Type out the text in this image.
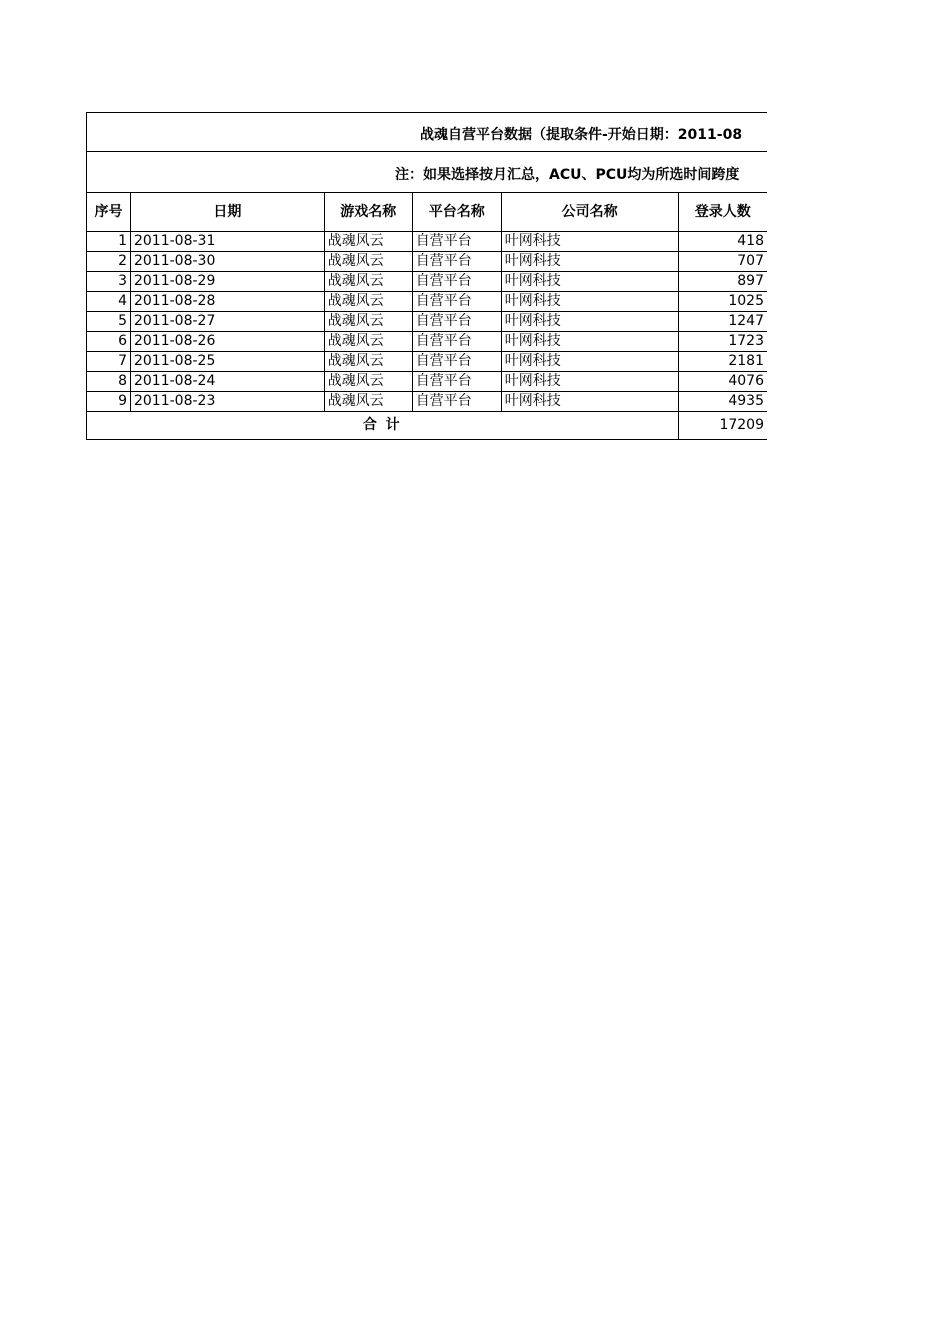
战魂自营平台数据（提取条件-开始日期：2011-08
注：如果选择按月汇总，ACU、PCU均为所选时间跨度
序号	日期	游戏名称	平台名称	公司名称	登录人数
1	2011-08-31	战魂风云	自营平台	叶网科技	418
2	2011-08-30	战魂风云	自营平台	叶网科技	707
3	2011-08-29	战魂风云	自营平台	叶网科技	897
4	2011-08-28	战魂风云	自营平台	叶网科技	1025
5	2011-08-27	战魂风云	自营平台	叶网科技	1247
6	2011-08-26	战魂风云	自营平台	叶网科技	1723
7	2011-08-25	战魂风云	自营平台	叶网科技	2181
8	2011-08-24	战魂风云	自营平台	叶网科技	4076
9	2011-08-23	战魂风云	自营平台	叶网科技	4935
合 计					17209
